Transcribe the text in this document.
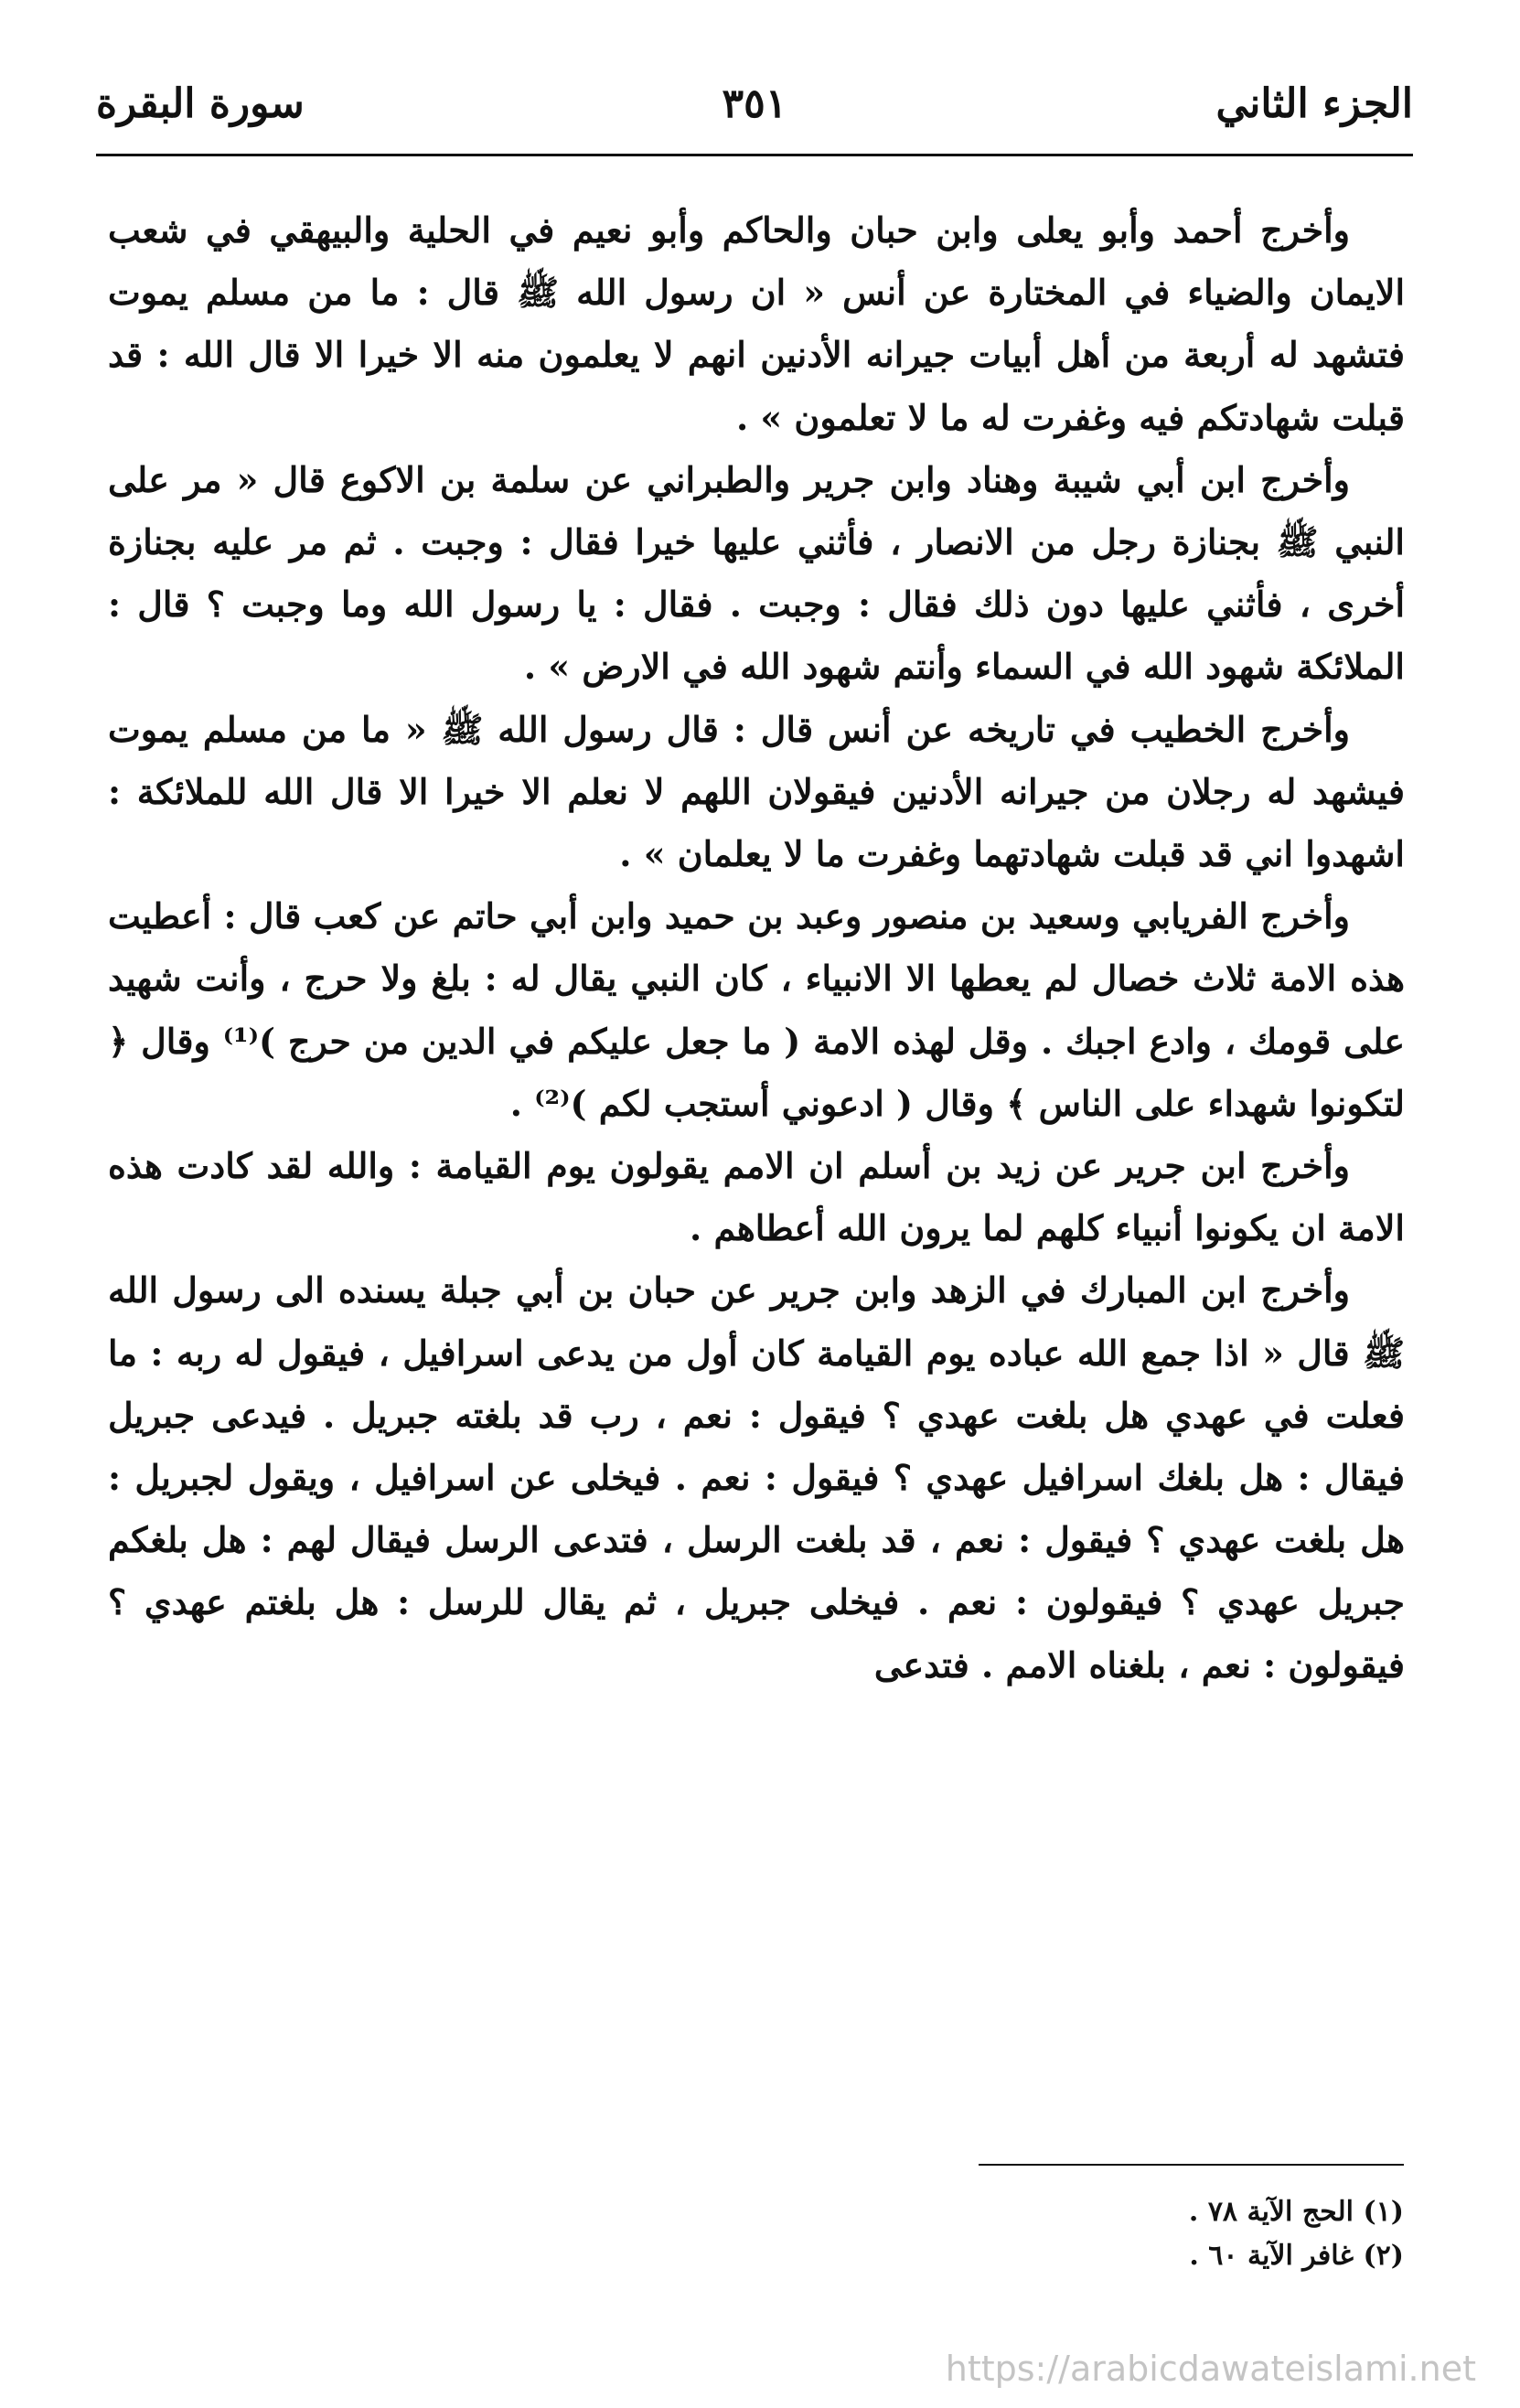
الجزء الثاني
٣٥١
سورة البقرة

وأخرج أحمد وأبو يعلى وابن حبان والحاكم وأبو نعيم في الحلية والبيهقي في شعب الايمان والضياء في المختارة عن أنس « ان رسول الله ﷺ قال : ما من مسلم يموت فتشهد له أربعة من أهل أبيات جيرانه الأدنين انهم لا يعلمون منه الا خيرا الا قال الله : قد قبلت شهادتكم فيه وغفرت له ما لا تعلمون » .

وأخرج ابن أبي شيبة وهناد وابن جرير والطبراني عن سلمة بن الاكوع قال « مر على النبي ﷺ بجنازة رجل من الانصار ، فأثني عليها خيرا فقال : وجبت . ثم مر عليه بجنازة أخرى ، فأثني عليها دون ذلك فقال : وجبت . فقال : يا رسول الله وما وجبت ؟ قال : الملائكة شهود الله في السماء وأنتم شهود الله في الارض » .

وأخرج الخطيب في تاريخه عن أنس قال : قال رسول الله ﷺ « ما من مسلم يموت فيشهد له رجلان من جيرانه الأدنين فيقولان اللهم لا نعلم الا خيرا الا قال الله للملائكة : اشهدوا اني قد قبلت شهادتهما وغفرت ما لا يعلمان » .

وأخرج الفريابي وسعيد بن منصور وعبد بن حميد وابن أبي حاتم عن كعب قال : أعطيت هذه الامة ثلاث خصال لم يعطها الا الانبياء ، كان النبي يقال له : بلغ ولا حرج ، وأنت شهيد على قومك ، وادع اجبك . وقل لهذه الامة ( ما جعل عليكم في الدين من حرج )⁽¹⁾ وقال ﴿ لتكونوا شهداء على الناس ﴾ وقال ( ادعوني أستجب لكم )⁽²⁾ .

وأخرج ابن جرير عن زيد بن أسلم ان الامم يقولون يوم القيامة : والله لقد كادت هذه الامة ان يكونوا أنبياء كلهم لما يرون الله أعطاهم .

وأخرج ابن المبارك في الزهد وابن جرير عن حبان بن أبي جبلة يسنده الى رسول الله ﷺ قال « اذا جمع الله عباده يوم القيامة كان أول من يدعى اسرافيل ، فيقول له ربه : ما فعلت في عهدي هل بلغت عهدي ؟ فيقول : نعم ، رب قد بلغته جبريل . فيدعى جبريل فيقال : هل بلغك اسرافيل عهدي ؟ فيقول : نعم . فيخلى عن اسرافيل ، ويقول لجبريل : هل بلغت عهدي ؟ فيقول : نعم ، قد بلغت الرسل ، فتدعى الرسل فيقال لهم : هل بلغكم جبريل عهدي ؟ فيقولون : نعم . فيخلى جبريل ، ثم يقال للرسل : هل بلغتم عهدي ؟ فيقولون : نعم ، بلغناه الامم . فتدعى

(١) الحج الآية ٧٨ .

(٢) غافر الآية ٦٠ .

https://arabicdawateislami.net
